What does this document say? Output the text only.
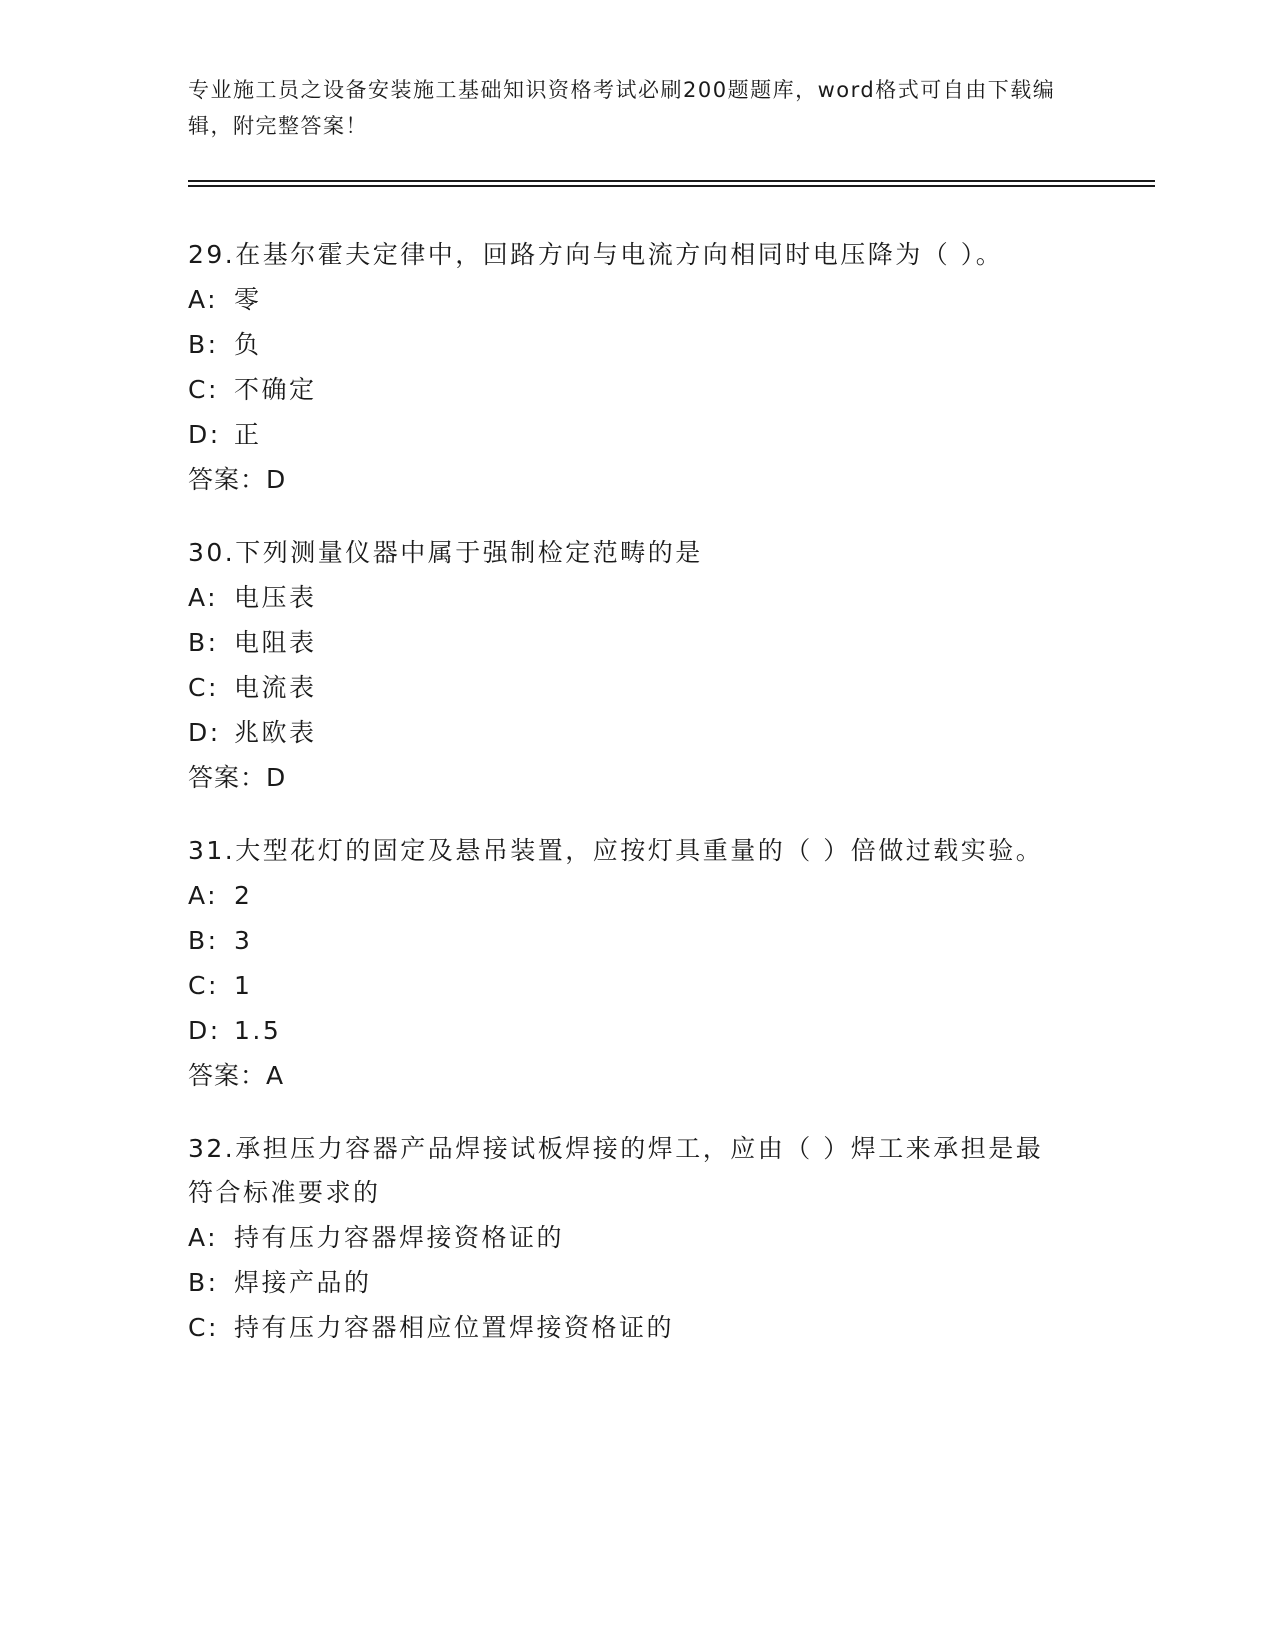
专业施工员之设备安装施工基础知识资格考试必刷200题题库，word格式可自由下载编辑，附完整答案！
29.在基尔霍夫定律中，回路方向与电流方向相同时电压降为（ ）。
A: 零
B: 负
C: 不确定
D: 正
答案：D
30.下列测量仪器中属于强制检定范畴的是
A: 电压表
B: 电阻表
C: 电流表
D: 兆欧表
答案：D
31.大型花灯的固定及悬吊装置，应按灯具重量的（ ）倍做过载实验。
A: 2
B: 3
C: 1
D: 1.5
答案：A
32.承担压力容器产品焊接试板焊接的焊工，应由（ ）焊工来承担是最符合标准要求的
A: 持有压力容器焊接资格证的
B: 焊接产品的
C: 持有压力容器相应位置焊接资格证的
